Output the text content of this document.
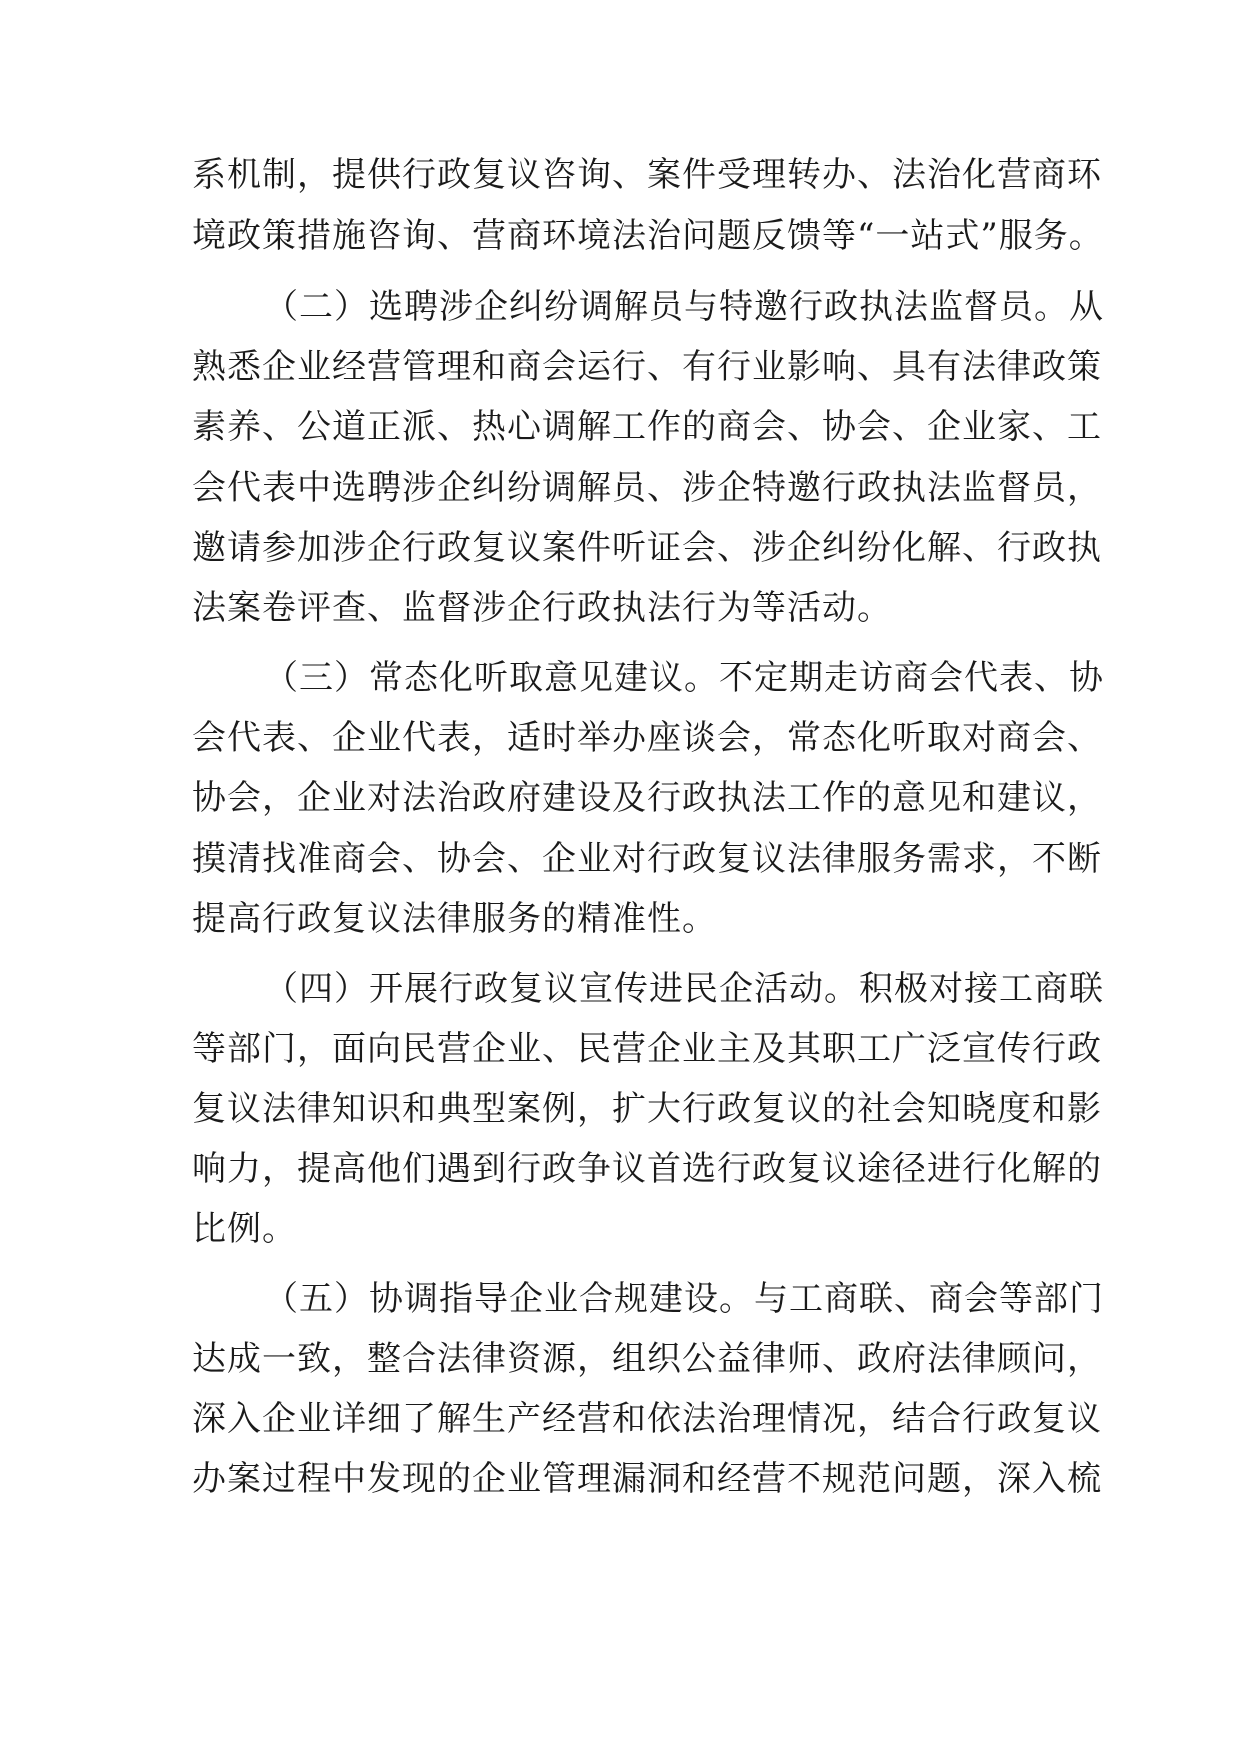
系机制，提供行政复议咨询、案件受理转办、法治化营商环
境政策措施咨询、营商环境法治问题反馈等“一站式”服务。
（二）选聘涉企纠纷调解员与特邀行政执法监督员。从
熟悉企业经营管理和商会运行、有行业影响、具有法律政策
素养、公道正派、热心调解工作的商会、协会、企业家、工
会代表中选聘涉企纠纷调解员、涉企特邀行政执法监督员，
邀请参加涉企行政复议案件听证会、涉企纠纷化解、行政执
法案卷评查、监督涉企行政执法行为等活动。
（三）常态化听取意见建议。不定期走访商会代表、协
会代表、企业代表，适时举办座谈会，常态化听取对商会、
协会，企业对法治政府建设及行政执法工作的意见和建议，
摸清找准商会、协会、企业对行政复议法律服务需求，不断
提高行政复议法律服务的精准性。
（四）开展行政复议宣传进民企活动。积极对接工商联
等部门，面向民营企业、民营企业主及其职工广泛宣传行政
复议法律知识和典型案例，扩大行政复议的社会知晓度和影
响力，提高他们遇到行政争议首选行政复议途径进行化解的
比例。
（五）协调指导企业合规建设。与工商联、商会等部门
达成一致，整合法律资源，组织公益律师、政府法律顾问，
深入企业详细了解生产经营和依法治理情况，结合行政复议
办案过程中发现的企业管理漏洞和经营不规范问题，深入梳
